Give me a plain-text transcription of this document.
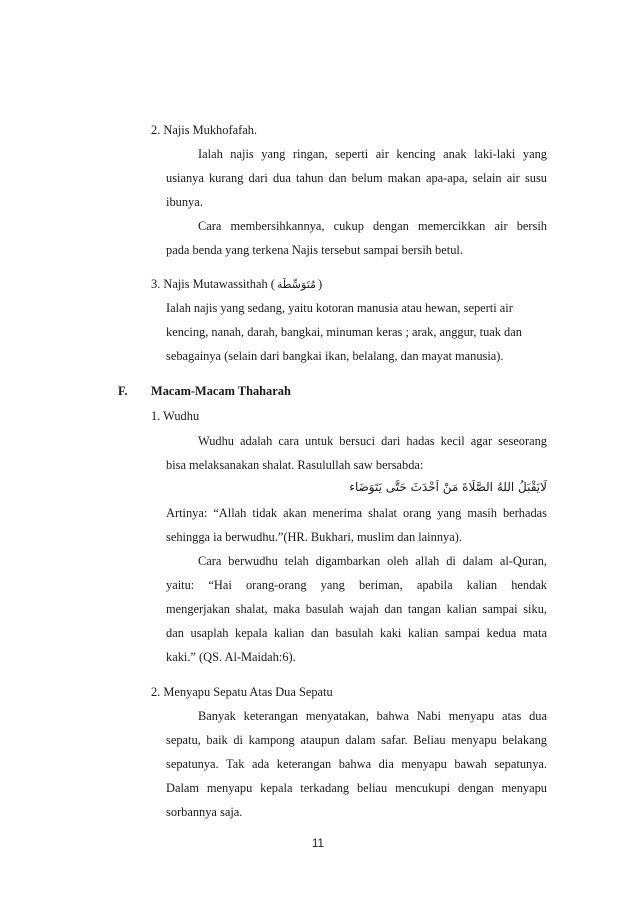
2. Najis Mukhofafah.
Ialah najis yang ringan, seperti air kencing anak laki-laki yang
usianya kurang dari dua tahun dan belum makan apa-apa, selain air susu
ibunya.
Cara membersihkannya, cukup dengan memercikkan air bersih
pada benda yang terkena Najis tersebut sampai bersih betul.
3. Najis Mutawassithah ( مُتَوَسِّطَة )
Ialah najis yang sedang, yaitu kotoran manusia atau hewan, seperti air
kencing, nanah, darah, bangkai, minuman keras ; arak, anggur, tuak dan
sebagainya (selain dari bangkai ikan, belalang, dan mayat manusia).
F. Macam-Macam Thaharah
1. Wudhu
Wudhu adalah cara untuk bersuci dari hadas kecil agar seseorang
bisa melaksanakan shalat. Rasulullah saw bersabda:
لَايَقْبَلُ اللهُ الصَّلَاةَ مَنْ اَحْدَثَ حَتَّى يَتَوَضَاء
Artinya: “Allah tidak akan menerima shalat orang yang masih berhadas
sehingga ia berwudhu.”(HR. Bukhari, muslim dan lainnya).
Cara berwudhu telah digambarkan oleh allah di dalam al-Quran,
yaitu: “Hai orang-orang yang beriman, apabila kalian hendak
mengerjakan shalat, maka basulah wajah dan tangan kalian sampai siku,
dan usaplah kepala kalian dan basulah kaki kalian sampai kedua mata
kaki.” (QS. Al-Maidah:6).
2. Menyapu Sepatu Atas Dua Sepatu
Banyak keterangan menyatakan, bahwa Nabi menyapu atas dua
sepatu, baik di kampong ataupun dalam safar. Beliau menyapu belakang
sepatunya. Tak ada keterangan bahwa dia menyapu bawah sepatunya.
Dalam menyapu kepala terkadang beliau mencukupi dengan menyapu
sorbannya saja.
11
